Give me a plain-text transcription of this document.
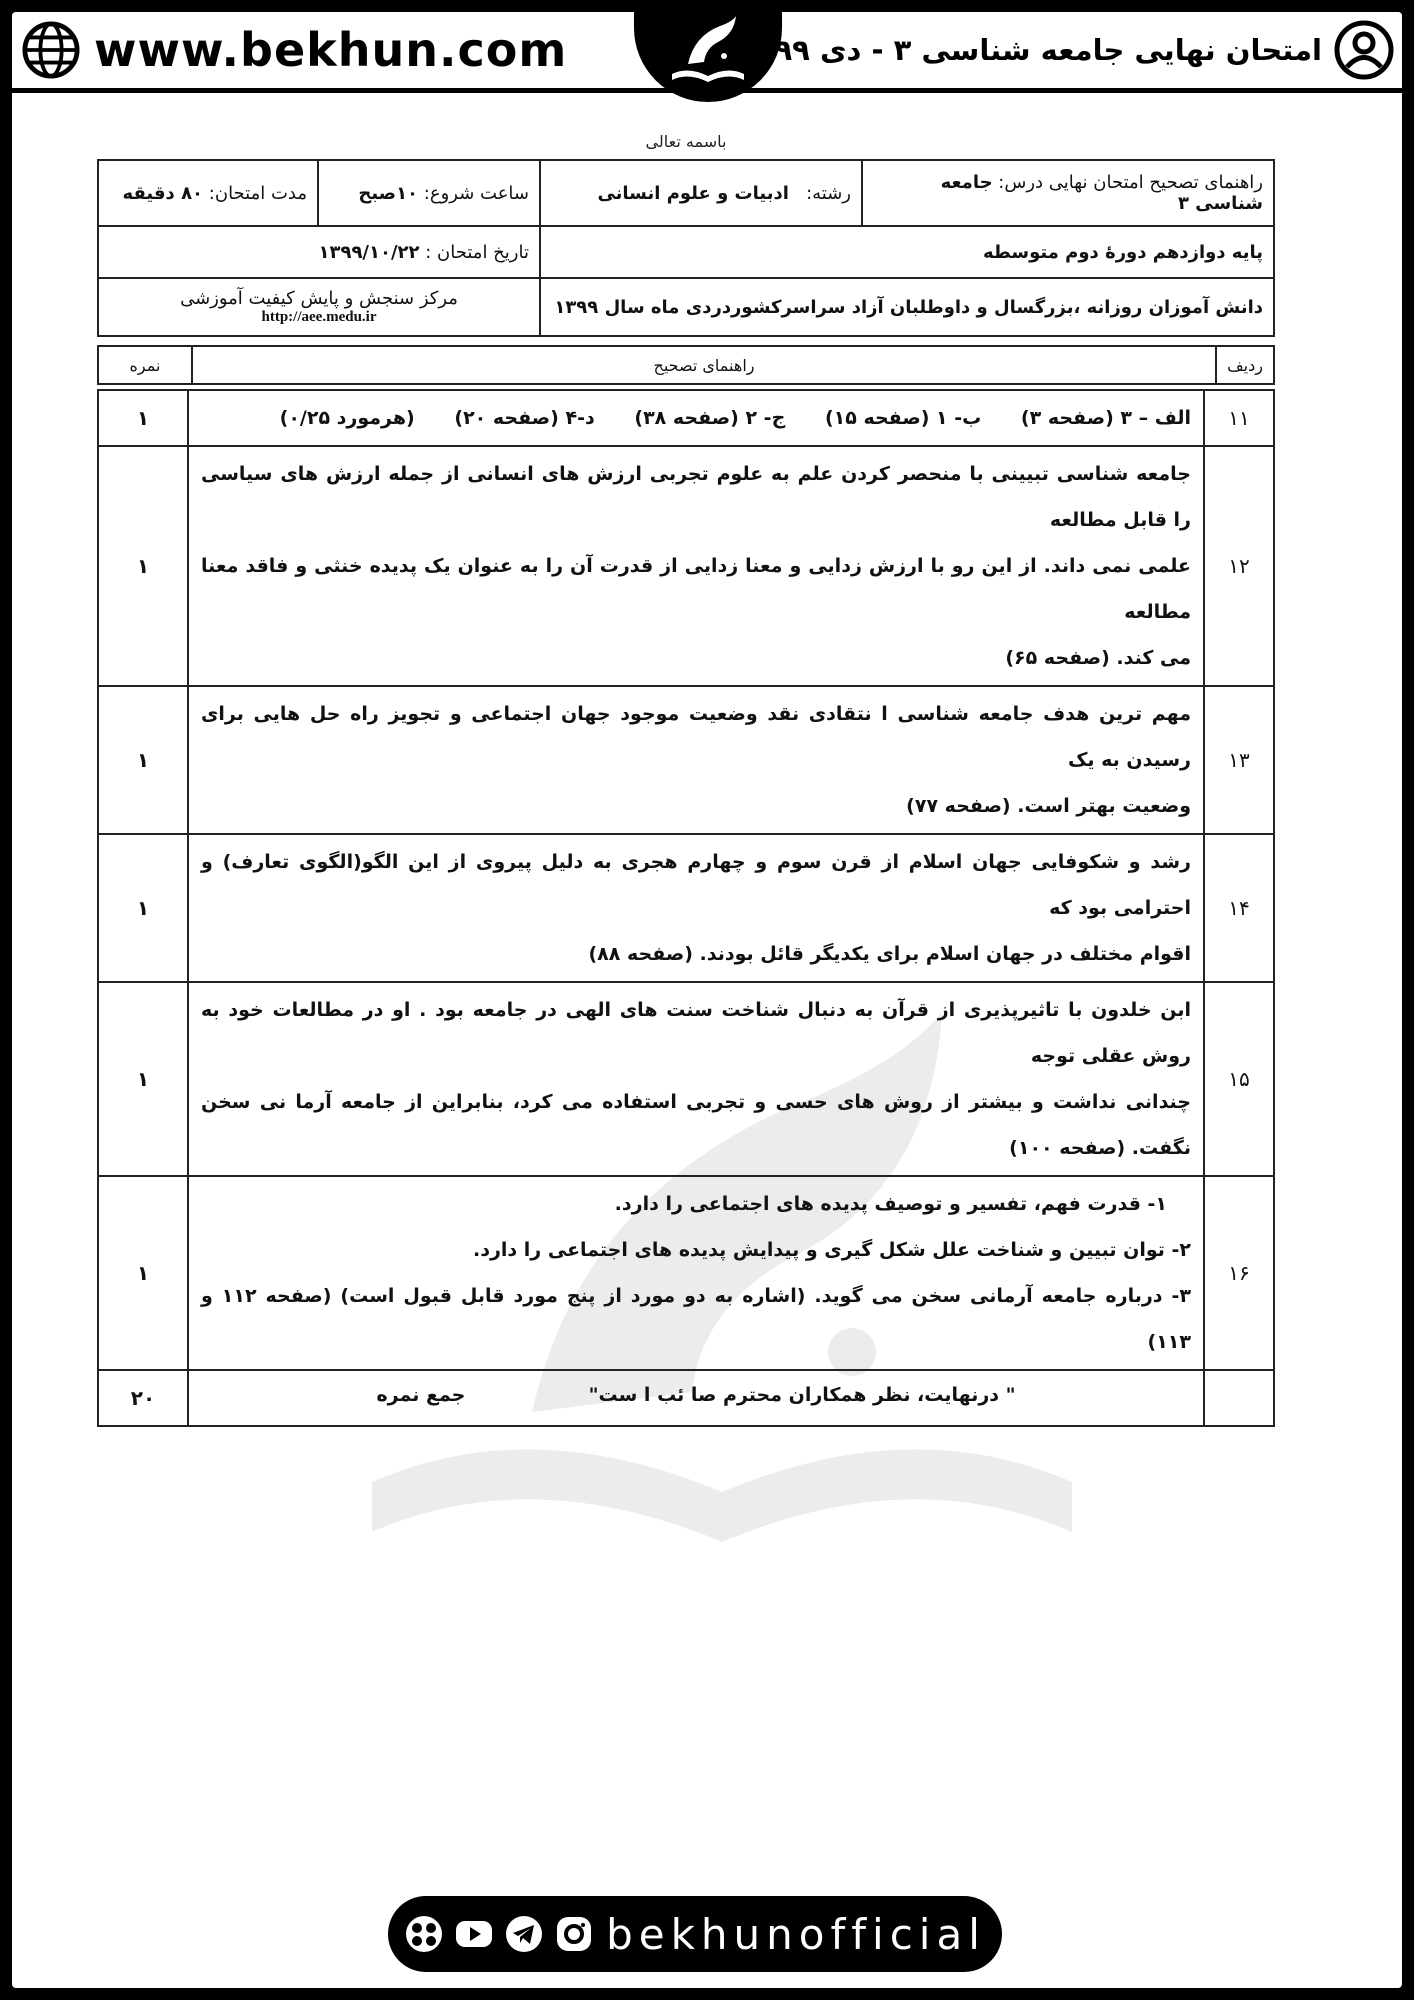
www.bekhun.com	امتحان نهایی جامعه شناسی ۳ - دی ۹۹
باسمه تعالی
راهنمای تصحیح امتحان نهایی درس: جامعه شناسی ۳	رشته:   ادبیات و علوم انسانی	ساعت شروع: ۱۰صبح	مدت امتحان: ۸۰ دقیقه
پایه دوازدهم دورهٔ دوم متوسطه		تاریخ امتحان : ۱۳۹۹/۱۰/۲۲	
دانش آموزان روزانه ،بزرگسال و داوطلبان آزاد سراسرکشوردردی ماه سال ۱۳۹۹		مرکز سنجش و پایش کیفیت آموزشی
http://aee.medu.ir	
ردیف	راهنمای تصحیح	نمره
۱۱	الف – ۳ (صفحه ۳)      ب- ۱ (صفحه ۱۵)      ج- ۲ (صفحه ۳۸)      د-۴ (صفحه ۲۰)      (هرمورد ۰/۲۵)	۱
۱۲	جامعه شناسی تبیینی با منحصر کردن علم به علوم تجربی ارزش های انسانی از جمله ارزش های سیاسی را قابل مطالعه
علمی نمی داند. از این رو با ارزش زدایی و معنا زدایی از قدرت آن را به عنوان یک پدیده خنثی و فاقد معنا مطالعه
می کند. (صفحه ۶۵)	۱
۱۳	مهم ترین هدف جامعه شناسی ا نتقادی نقد وضعیت موجود جهان اجتماعی و تجویز راه حل هایی برای رسیدن به یک
وضعیت بهتر است. (صفحه ۷۷)	۱
۱۴	رشد و شکوفایی جهان اسلام از قرن سوم و چهارم هجری به دلیل پیروی از این الگو(الگوی تعارف) و احترامی بود که
اقوام مختلف در جهان اسلام برای یکدیگر قائل بودند. (صفحه ۸۸)	۱
۱۵	ابن خلدون با تاثیرپذیری از قرآن به دنبال شناخت سنت های الهی در جامعه بود . او در مطالعات خود به روش عقلی توجه
چندانی نداشت و بیشتر از روش های حسی و تجربی استفاده می کرد، بنابراین از جامعه آرما نی سخن نگفت. (صفحه ۱۰۰)	۱
۱۶	۱- قدرت فهم، تفسیر و توصیف پدیده های اجتماعی را دارد.
۲- توان تبیین و شناخت علل شکل گیری و پیدایش پدیده های اجتماعی را دارد.
۳- درباره جامعه آرمانی سخن می گوید. (اشاره به دو مورد از پنج مورد قابل قبول است) (صفحه ۱۱۲ و ۱۱۳)	۱
	" درنهایت، نظر همکاران محترم صا ئب ا ست"  جمع نمره	۲۰
bekhunofficial
